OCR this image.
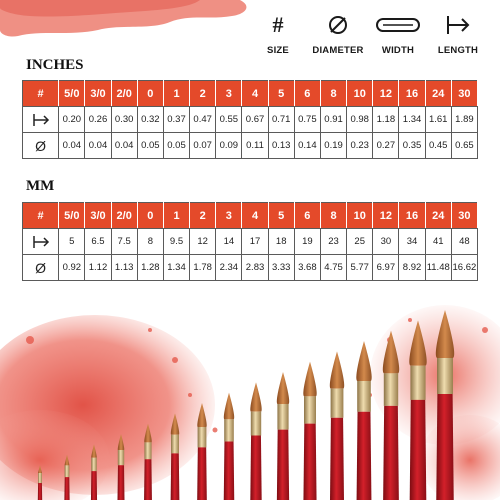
#
SIZE	DIAMETER	WIDTH	LENGTH
INCHES
#	5/0	3/0	2/0	0	1	2	3	4	5	6	8	10	12	16	24	30

	0.20	0.26	0.30	0.32	0.37	0.47	0.55	0.67	0.71	0.75	0.91	0.98	1.18	1.34	1.61	1.89
Ø	0.04	0.04	0.04	0.05	0.05	0.07	0.09	0.11	0.13	0.14	0.19	0.23	0.27	0.35	0.45	0.65
MM
#	5/0	3/0	2/0	0	1	2	3	4	5	6	8	10	12	16	24	30

	5	6.5	7.5	8	9.5	12	14	17	18	19	23	25	30	34	41	48
Ø	0.92	1.12	1.13	1.28	1.34	1.78	2.34	2.83	3.33	3.68	4.75	5.77	6.97	8.92	11.48	16.62
